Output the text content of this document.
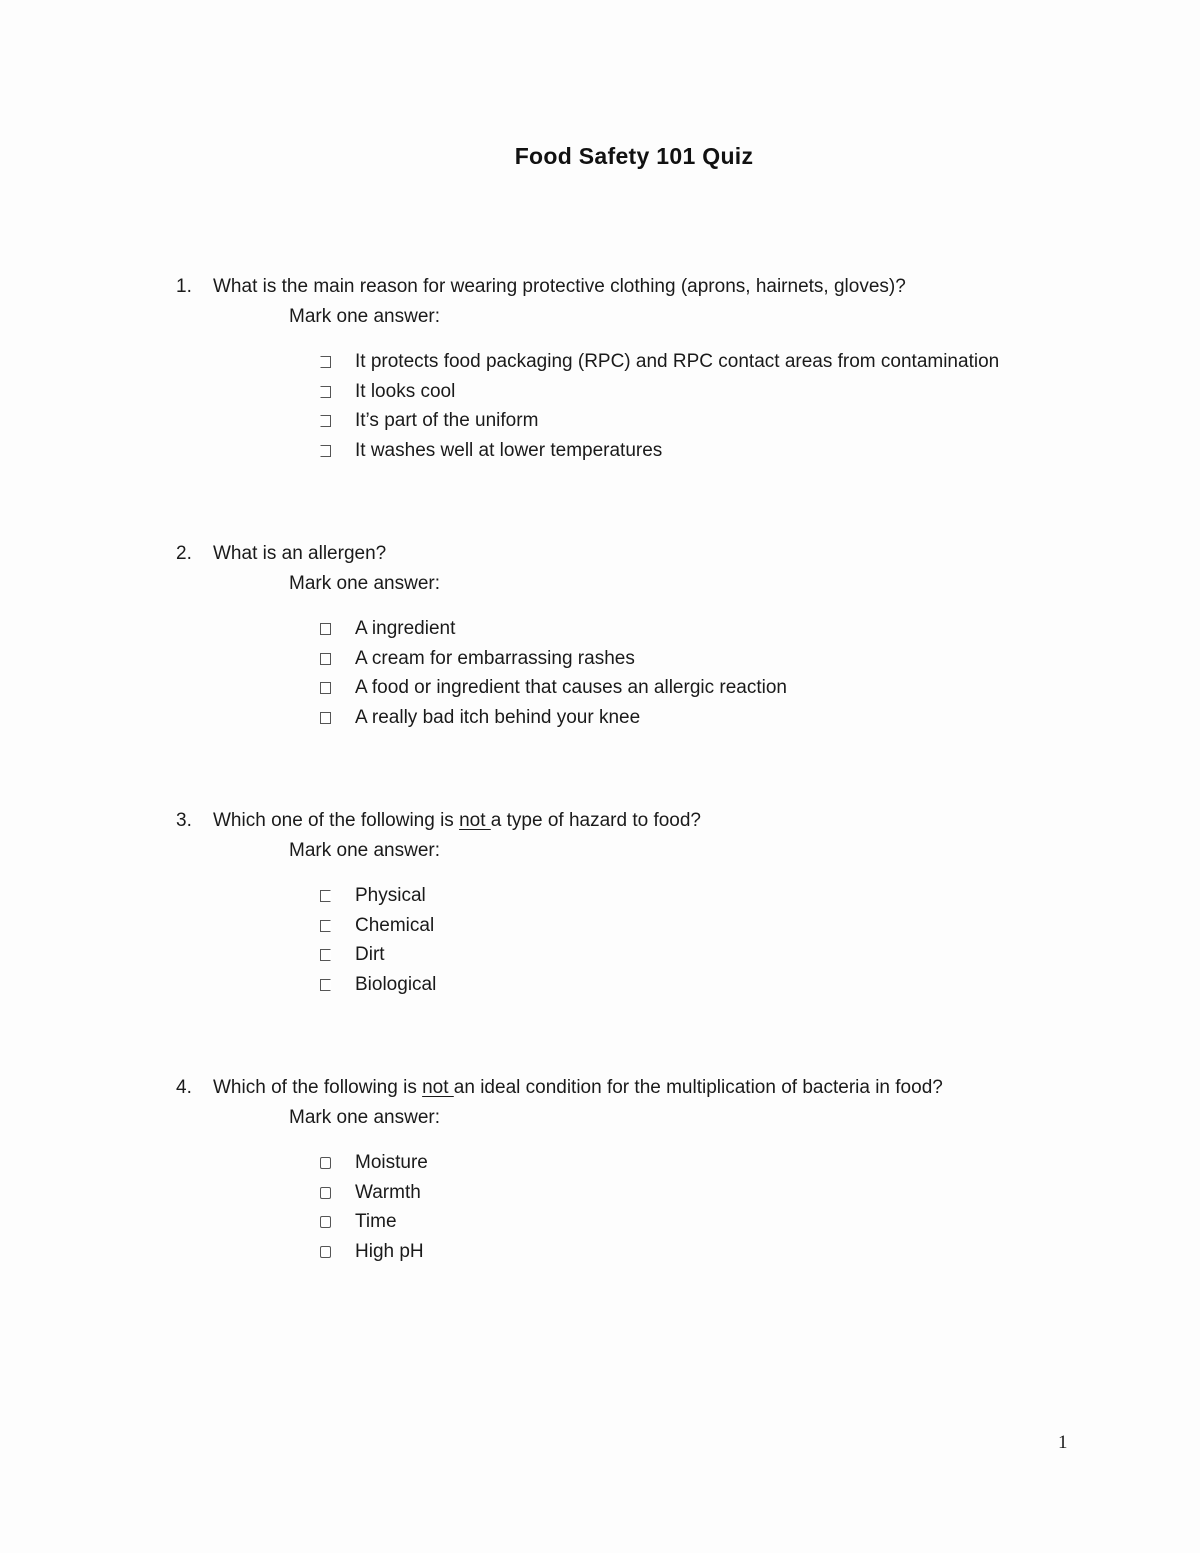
Food Safety 101 Quiz
1. What is the main reason for wearing protective clothing (aprons, hairnets, gloves)?
Mark one answer:
It protects food packaging (RPC) and RPC contact areas from contamination
It looks cool
It’s part of the uniform
It washes well at lower temperatures
2. What is an allergen?
Mark one answer:
A ingredient
A cream for embarrassing rashes
A food or ingredient that causes an allergic reaction
A really bad itch behind your knee
3. Which one of the following is not a type of hazard to food?
Mark one answer:
Physical
Chemical
Dirt
Biological
4. Which of the following is not an ideal condition for the multiplication of bacteria in food?
Mark one answer:
Moisture
Warmth
Time
High pH
1
